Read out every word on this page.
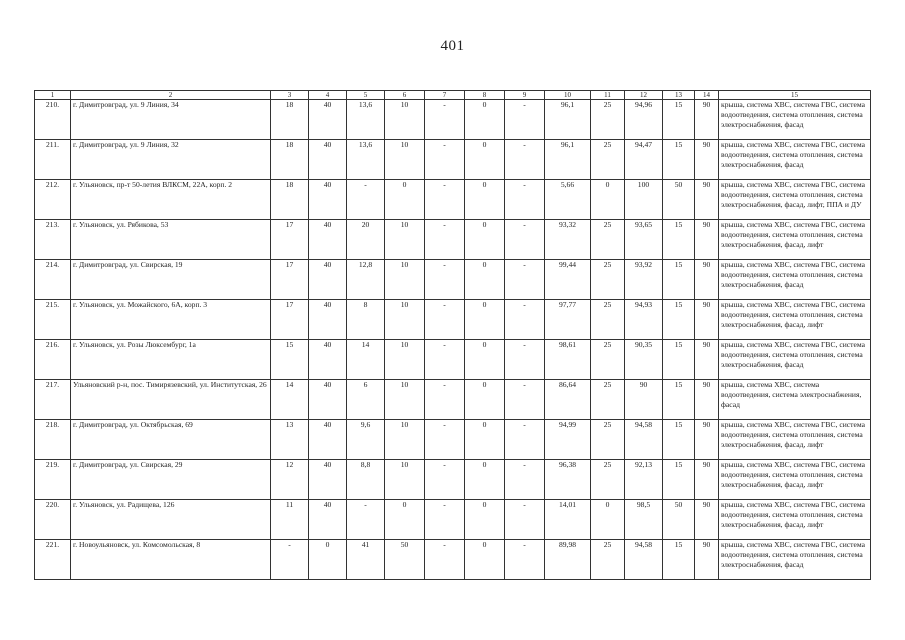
401
1	2	3	4	5	6	7	8	9	10	11	12	13	14	15
210.	г. Димитровград, ул. 9 Линия, 34	18	40	13,6	10	-	0	-	96,1	25	94,96	15	90	крыша, система ХВС, система ГВС, система водоотведения, система отопления, система электроснабжения, фасад
211.	г. Димитровград, ул. 9 Линия, 32	18	40	13,6	10	-	0	-	96,1	25	94,47	15	90	крыша, система ХВС, система ГВС, система водоотведения, система отопления, система электроснабжения, фасад
212.	г. Ульяновск, пр-т 50-летия ВЛКСМ, 22А, корп. 2	18	40	-	0	-	0	-	5,66	0	100	50	90	крыша, система ХВС, система ГВС, система водоотведения, система отопления, система электроснабжения, фасад, лифт, ППА и ДУ
213.	г. Ульяновск, ул. Рябикова, 53	17	40	20	10	-	0	-	93,32	25	93,65	15	90	крыша, система ХВС, система ГВС, система водоотведения, система отопления, система электроснабжения, фасад, лифт
214.	г. Димитровград, ул. Свирская, 19	17	40	12,8	10	-	0	-	99,44	25	93,92	15	90	крыша, система ХВС, система ГВС, система водоотведения, система отопления, система электроснабжения, фасад
215.	г. Ульяновск, ул. Можайского, 6А, корп. 3	17	40	8	10	-	0	-	97,77	25	94,93	15	90	крыша, система ХВС, система ГВС, система водоотведения, система отопления, система электроснабжения, фасад, лифт
216.	г. Ульяновск, ул. Розы Люксембург, 1а	15	40	14	10	-	0	-	98,61	25	90,35	15	90	крыша, система ХВС, система ГВС, система водоотведения, система отопления, система электроснабжения, фасад
217.	Ульяновский р-н, пос. Тимирязевский, ул. Институтская, 26	14	40	6	10	-	0	-	86,64	25	90	15	90	крыша, система ХВС, система водоотведения, система электроснабжения, фасад
218.	г. Димитровград, ул. Октябрьская, 69	13	40	9,6	10	-	0	-	94,99	25	94,58	15	90	крыша, система ХВС, система ГВС, система водоотведения, система отопления, система электроснабжения, фасад, лифт
219.	г. Димитровград, ул. Свирская, 29	12	40	8,8	10	-	0	-	96,38	25	92,13	15	90	крыша, система ХВС, система ГВС, система водоотведения, система отопления, система электроснабжения, фасад, лифт
220.	г. Ульяновск, ул. Радищева, 126	11	40	-	0	-	0	-	14,01	0	98,5	50	90	крыша, система ХВС, система ГВС, система водоотведения, система отопления, система электроснабжения, фасад, лифт
221.	г. Новоульяновск, ул. Комсомольская, 8	-	0	41	50	-	0	-	89,98	25	94,58	15	90	крыша, система ХВС, система ГВС, система водоотведения, система отопления, система электроснабжения, фасад
